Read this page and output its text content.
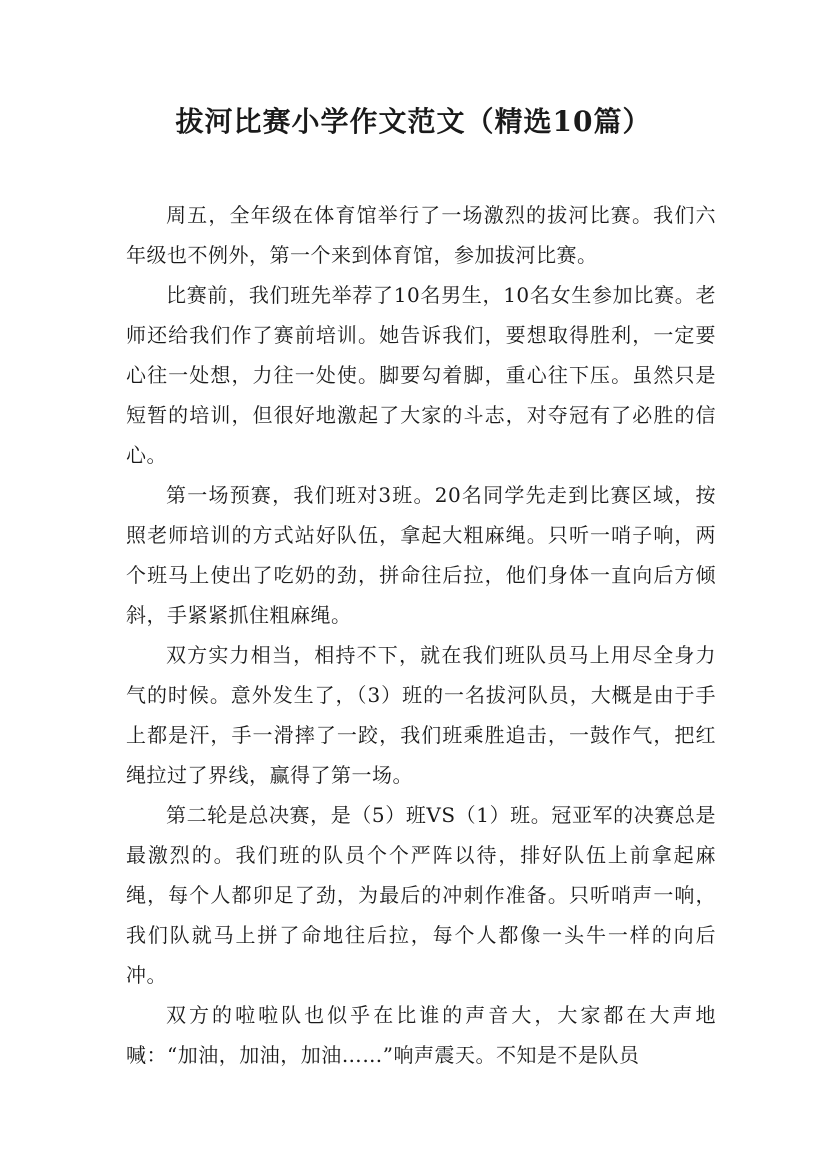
拔河比赛小学作文范文（精选10篇）

周五，全年级在体育馆举行了一场激烈的拔河比赛。我们六年级也不例外，第一个来到体育馆，参加拔河比赛。

比赛前，我们班先举荐了10名男生，10名女生参加比赛。老师还给我们作了赛前培训。她告诉我们，要想取得胜利，一定要心往一处想，力往一处使。脚要勾着脚，重心往下压。虽然只是短暂的培训，但很好地激起了大家的斗志，对夺冠有了必胜的信心。

第一场预赛，我们班对3班。20名同学先走到比赛区域，按照老师培训的方式站好队伍，拿起大粗麻绳。只听一哨子响，两个班马上使出了吃奶的劲，拼命往后拉，他们身体一直向后方倾斜，手紧紧抓住粗麻绳。

双方实力相当，相持不下，就在我们班队员马上用尽全身力气的时候。意外发生了，（3）班的一名拔河队员，大概是由于手上都是汗，手一滑摔了一跤，我们班乘胜追击，一鼓作气，把红绳拉过了界线，赢得了第一场。

第二轮是总决赛，是（5）班VS（1）班。冠亚军的决赛总是最激烈的。我们班的队员个个严阵以待，排好队伍上前拿起麻绳，每个人都卯足了劲，为最后的冲刺作准备。只听哨声一响，我们队就马上拼了命地往后拉，每个人都像一头牛一样的向后冲。

双方的啦啦队也似乎在比谁的声音大，大家都在大声地喊：“加油，加油，加油……”响声震天。不知是不是队员
